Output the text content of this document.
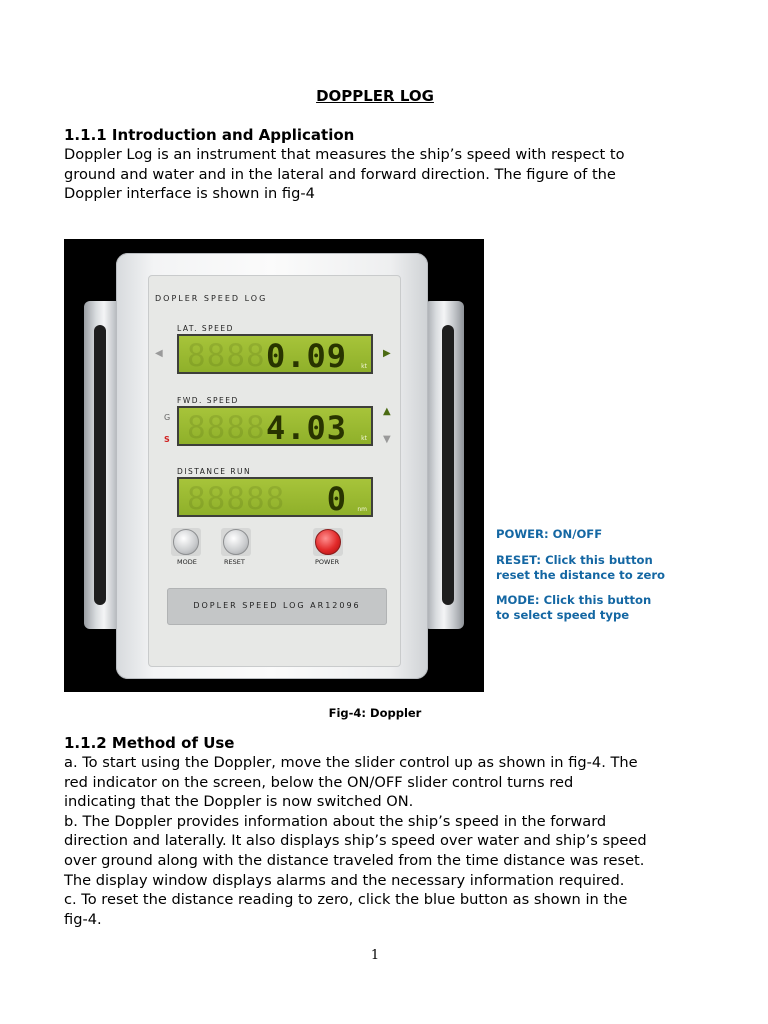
DOPPLER LOG
1.1.1 Introduction and Application

Doppler Log is an instrument that measures the ship’s speed with respect to

ground and water and in the lateral and forward direction. The figure of the

Doppler interface is shown in fig-4

DOPLER SPEED LOG
LAT. SPEED
◀ 8888 0.09 kt
▶
FWD. SPEED
G
S 8888 4.03 kt
▲
▼
DISTANCE RUN
88888 0 nm
MODE	RESET	POWER
DOPLER SPEED LOG AR12096
POWER: ON/OFF
RESET: Click this button
reset the distance to zero
MODE: Click this button
to select speed type
Fig-4: Doppler
1.1.2 Method of Use

a. To start using the Doppler, move the slider control up as shown in fig-4. The

red indicator on the screen, below the ON/OFF slider control turns red

indicating that the Doppler is now switched ON.

b. The Doppler provides information about the ship’s speed in the forward

direction and laterally. It also displays ship’s speed over water and ship’s speed

over ground along with the distance traveled from the time distance was reset.

The display window displays alarms and the necessary information required.

c. To reset the distance reading to zero, click the blue button as shown in the

fig-4.

1
